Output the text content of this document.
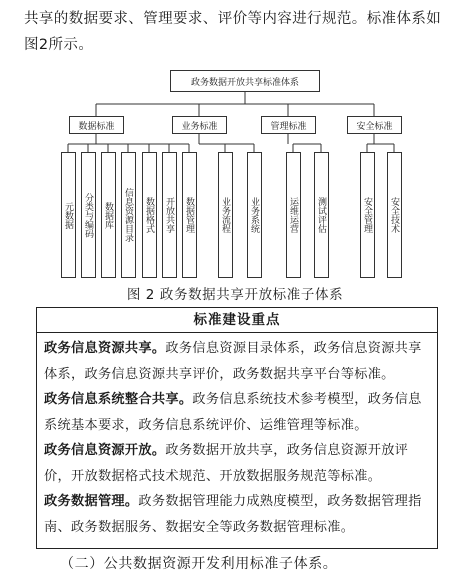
共享的数据要求、管理要求、评价等内容进行规范。标准体系如图2所示。

政务数据开放共享标准体系
数据标准	业务标准	管理标准	安全标准
元数据	分类与编码	数据库	信息资源目录	数据格式	开放共享	数据管理	业务流程	业务系统	运维运营	测试评估	安全管理	安全技术
图 2 政务数据共享开放标准子体系
标准建设重点

政务信息资源共享。政务信息资源目录体系，政务信息资源共享体系，政务信息资源共享评价，政务数据共享平台等标准。

政务信息系统整合共享。政务信息系统技术参考模型，政务信息系统基本要求，政务信息系统评价、运维管理等标准。

政务信息资源开放。政务数据开放共享，政务信息资源开放评价，开放数据格式技术规范、开放数据服务规范等标准。

政务数据管理。政务数据管理能力成熟度模型，政务数据管理指南、政务数据服务、数据安全等政务数据管理标准。

（二）公共数据资源开发利用标准子体系。
